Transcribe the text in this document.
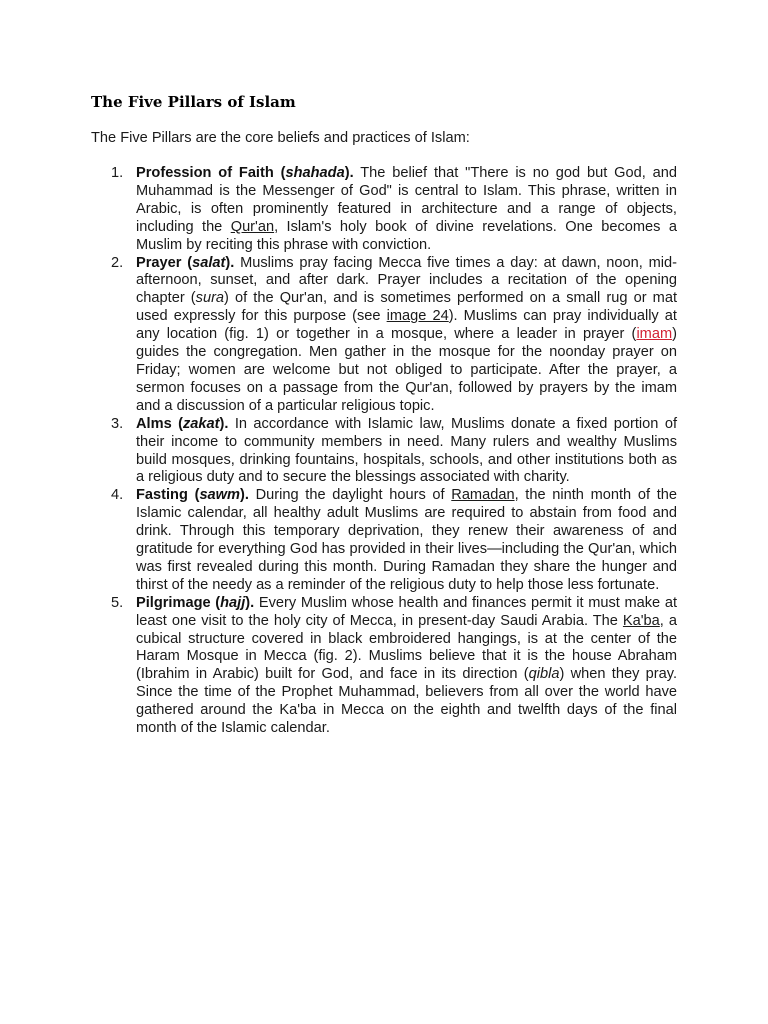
The Five Pillars of Islam

The Five Pillars are the core beliefs and practices of Islam:

1. Profession of Faith (shahada). The belief that "There is no god but God, and Muhammad is the Messenger of God" is central to Islam. This phrase, written in Arabic, is often prominently featured in architecture and a range of objects, including the Qur'an, Islam's holy book of divine revelations. One becomes a Muslim by reciting this phrase with conviction.
2. Prayer (salat). Muslims pray facing Mecca five times a day: at dawn, noon, mid-afternoon, sunset, and after dark. Prayer includes a recitation of the opening chapter (sura) of the Qur'an, and is sometimes performed on a small rug or mat used expressly for this purpose (see image 24). Muslims can pray individually at any location (fig. 1) or together in a mosque, where a leader in prayer (imam) guides the congregation. Men gather in the mosque for the noonday prayer on Friday; women are welcome but not obliged to participate. After the prayer, a sermon focuses on a passage from the Qur'an, followed by prayers by the imam and a discussion of a particular religious topic.
3. Alms (zakat). In accordance with Islamic law, Muslims donate a fixed portion of their income to community members in need. Many rulers and wealthy Muslims build mosques, drinking fountains, hospitals, schools, and other institutions both as a religious duty and to secure the blessings associated with charity.
4. Fasting (sawm). During the daylight hours of Ramadan, the ninth month of the Islamic calendar, all healthy adult Muslims are required to abstain from food and drink. Through this temporary deprivation, they renew their awareness of and gratitude for everything God has provided in their lives—including the Qur'an, which was first revealed during this month. During Ramadan they share the hunger and thirst of the needy as a reminder of the religious duty to help those less fortunate.
5. Pilgrimage (hajj). Every Muslim whose health and finances permit it must make at least one visit to the holy city of Mecca, in present-day Saudi Arabia. The Ka'ba, a cubical structure covered in black embroidered hangings, is at the center of the Haram Mosque in Mecca (fig. 2). Muslims believe that it is the house Abraham (Ibrahim in Arabic) built for God, and face in its direction (qibla) when they pray. Since the time of the Prophet Muhammad, believers from all over the world have gathered around the Ka'ba in Mecca on the eighth and twelfth days of the final month of the Islamic calendar.
